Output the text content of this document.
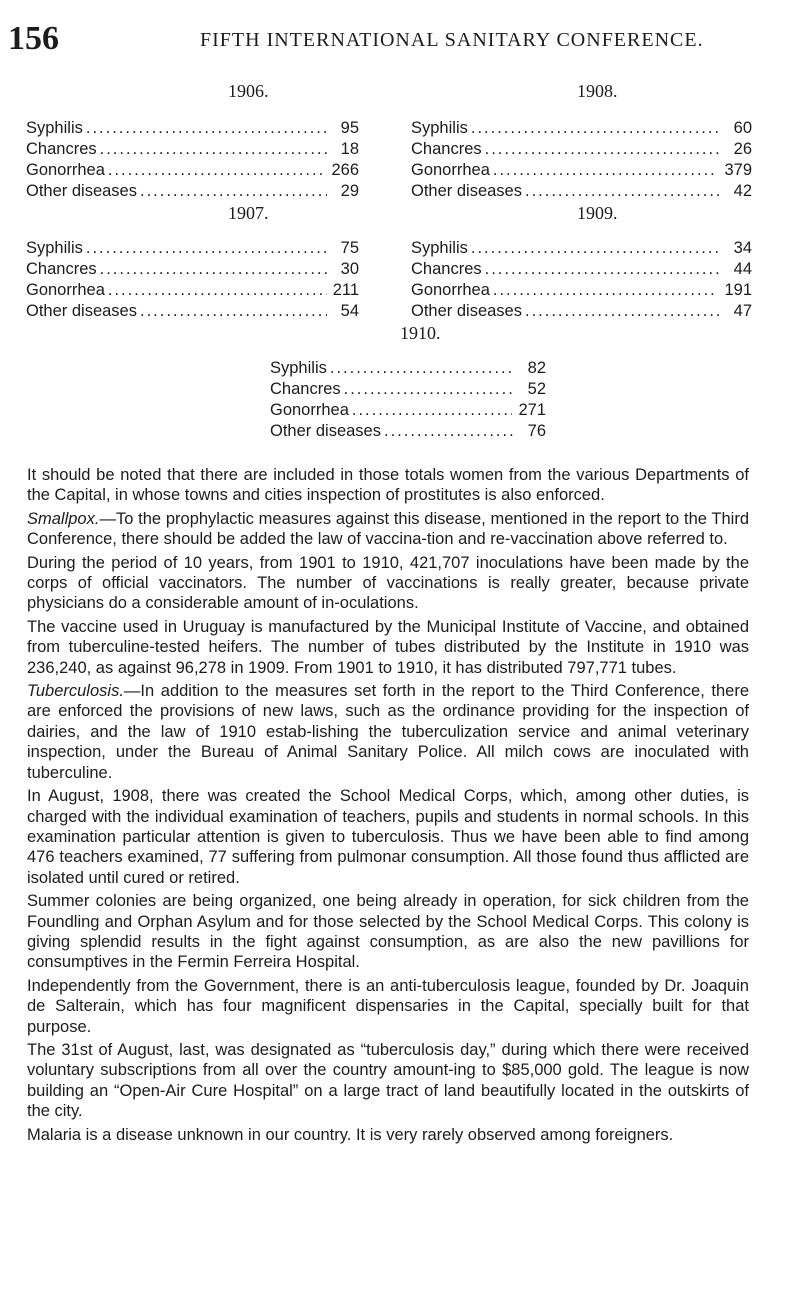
156	FIFTH INTERNATIONAL SANITARY CONFERENCE.
1906.
Syphilis .....	95
Chancres .....	18
Gonorrhea .....	266
Other diseases .....	29
1908.
Syphilis .....	60
Chancres .....	26
Gonorrhea .....	379
Other diseases .....	42
1907.
Syphilis .....	75
Chancres .....	30
Gonorrhea .....	211
Other diseases .....	54
1909.
Syphilis .....	34
Chancres .....	44
Gonorrhea .....	191
Other diseases .....	47
1910.
Syphilis .....	82
Chancres .....	52
Gonorrhea .....	271
Other diseases .....	76

It should be noted that there are included in those totals women from the various Departments of the Capital, in whose towns and cities inspection of prostitutes is also enforced.

Smallpox.—To the prophylactic measures against this disease, mentioned in the report to the Third Conference, there should be added the law of vaccina-tion and re-vaccination above referred to.

During the period of 10 years, from 1901 to 1910, 421,707 inoculations have been made by the corps of official vaccinators. The number of vaccinations is really greater, because private physicians do a considerable amount of in-oculations.

The vaccine used in Uruguay is manufactured by the Municipal Institute of Vaccine, and obtained from tuberculine-tested heifers. The number of tubes distributed by the Institute in 1910 was 236,240, as against 96,278 in 1909. From 1901 to 1910, it has distributed 797,771 tubes.

Tuberculosis.—In addition to the measures set forth in the report to the Third Conference, there are enforced the provisions of new laws, such as the ordinance providing for the inspection of dairies, and the law of 1910 estab-lishing the tuberculization service and animal veterinary inspection, under the Bureau of Animal Sanitary Police. All milch cows are inoculated with tuberculine.

In August, 1908, there was created the School Medical Corps, which, among other duties, is charged with the individual examination of teachers, pupils and students in normal schools. In this examination particular attention is given to tuberculosis. Thus we have been able to find among 476 teachers examined, 77 suffering from pulmonar consumption. All those found thus afflicted are isolated until cured or retired.

Summer colonies are being organized, one being already in operation, for sick children from the Foundling and Orphan Asylum and for those selected by the School Medical Corps. This colony is giving splendid results in the fight against consumption, as are also the new pavillions for consumptives in the Fermin Ferreira Hospital.

Independently from the Government, there is an anti-tuberculosis league, founded by Dr. Joaquin de Salterain, which has four magnificent dispensaries in the Capital, specially built for that purpose.

The 31st of August, last, was designated as “tuberculosis day,” during which there were received voluntary subscriptions from all over the country amount-ing to $85,000 gold. The league is now building an “Open-Air Cure Hospital” on a large tract of land beautifully located in the outskirts of the city.

Malaria is a disease unknown in our country. It is very rarely observed among foreigners.
